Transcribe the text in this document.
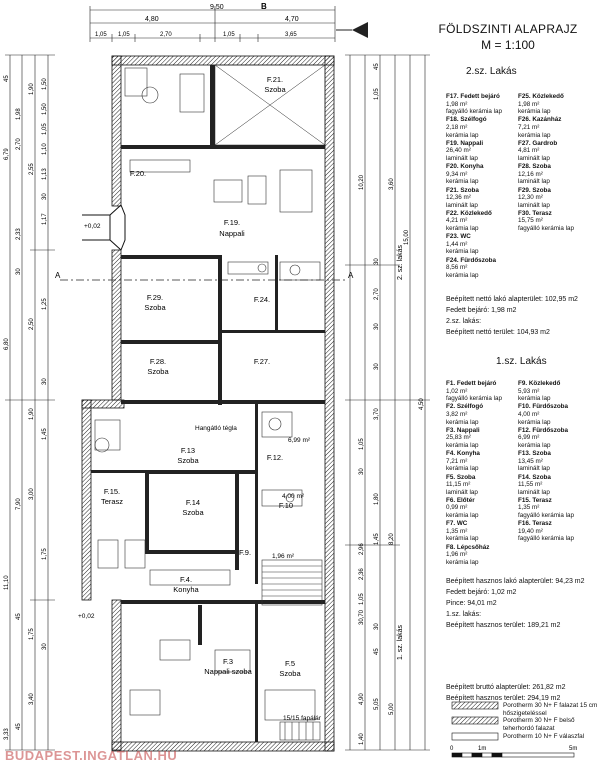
9,50
4,80	4,70
1,05 1,05	2,70	1,05	3,65
B
45
1,98
2,70
1,90 1,50
1,50
1,05
1,10
6,79
2,55 1,13
30
2,33
1,17
6,80
30
2,50
1,25
30
1,90
7,90
1,45
3,00
1,75
11,10
45
1,75
30
3,40
45
3,33
45
1,05
10,20	3,60
30
2,70
30
15,00
30
3,70
1,05
1,80
30
2,96
1,45 8,20
2,36
1,05
30
30,70
4,50
45
4,90 5,05 5,00
1,40
2. sz. lakás
1. sz. lakás
A	A
F.21.
Szoba
F.20.
F.19.
Nappali
F.29.
Szoba
F.24.
F.28.
Szoba
F.27.
F.13
Szoba	F.12.
F.15.
Terasz	F.14
Szoba
F.4.
Konyha
F.3
Nappali szoba
F.5
Szoba
F.10
F.9.
Hangátló tégla
6,99 m²
4,00 m²
1,96 m²
15/15 fapálár
+0,02
+0,02
0	1m	5m
FÖLDSZINTI ALAPRAJZ
M = 1:100
2.sz. Lakás
F17. Fedett bejáró
1,98 m²
fagyálló kerámia lap
F18. Szélfogó
2,18 m²
kerámia lap
F19. Nappali
26,40 m²
laminált lap
F20. Konyha
9,34 m²
kerámia lap
F21. Szoba
12,36 m²
laminált lap
F22. Közlekedő
4,21 m²
kerámia lap
F23. WC
1,44 m²
kerámia lap
F24. Fürdőszoba
8,56 m²
kerámia lap
F25. Közlekedő
1,98 m²
kerámia lap
F26. Kazánház
7,21 m²
kerámia lap
F27. Gardrob
4,81 m²
laminált lap
F28. Szoba
12,16 m²
laminált lap
F29. Szoba
12,30 m²
laminált lap
F30. Terasz
15,75 m²
fagyálló kerámia lap
Beépített nettó lakó alapterület: 102,95 m2
Fedett bejáró: 1,98 m2
2.sz. lakás:
Beépített nettó terület: 104,93 m2
1.sz. Lakás
F1. Fedett bejáró
1,02 m²
fagyálló kerámia lap
F2. Szélfogó
3,82 m²
kerámia lap
F3. Nappali
25,83 m²
kerámia lap
F4. Konyha
7,21 m²
kerámia lap
F5. Szoba
11,15 m²
laminált lap
F6. Előtér
0,99 m²
kerámia lap
F7. WC
1,35 m²
kerámia lap
F8. Lépcsőház
1,96 m²
kerámia lap
F9. Közlekedő
5,93 m²
kerámia lap
F10. Fürdőszoba
4,00 m²
kerámia lap
F12. Fürdőszoba
6,99 m²
kerámia lap
F13. Szoba
13,45 m²
laminált lap
F14. Szoba
11,55 m²
laminált lap
F15. Terasz
1,35 m²
fagyálló kerámia lap
F16. Terasz
19,40 m²
fagyálló kerámia lap
Beépített hasznos lakó alapterület: 94,23 m2
Fedett bejáró: 1,02 m2
Pince: 94,01 m2
1.sz. lakás:
Beépített hasznos terület: 189,21 m2
Beépített bruttó alapterület: 261,82 m2
Beépített hasznos terület: 294,19 m2
Porotherm 30 N+ F falazat 15 cm hőszigeteléssel
Porotherm 30 N+ F belső teherhordó falazat
Porotherm 10 N+ F válaszfal
BUDAPEST.INGATLAN.HU
